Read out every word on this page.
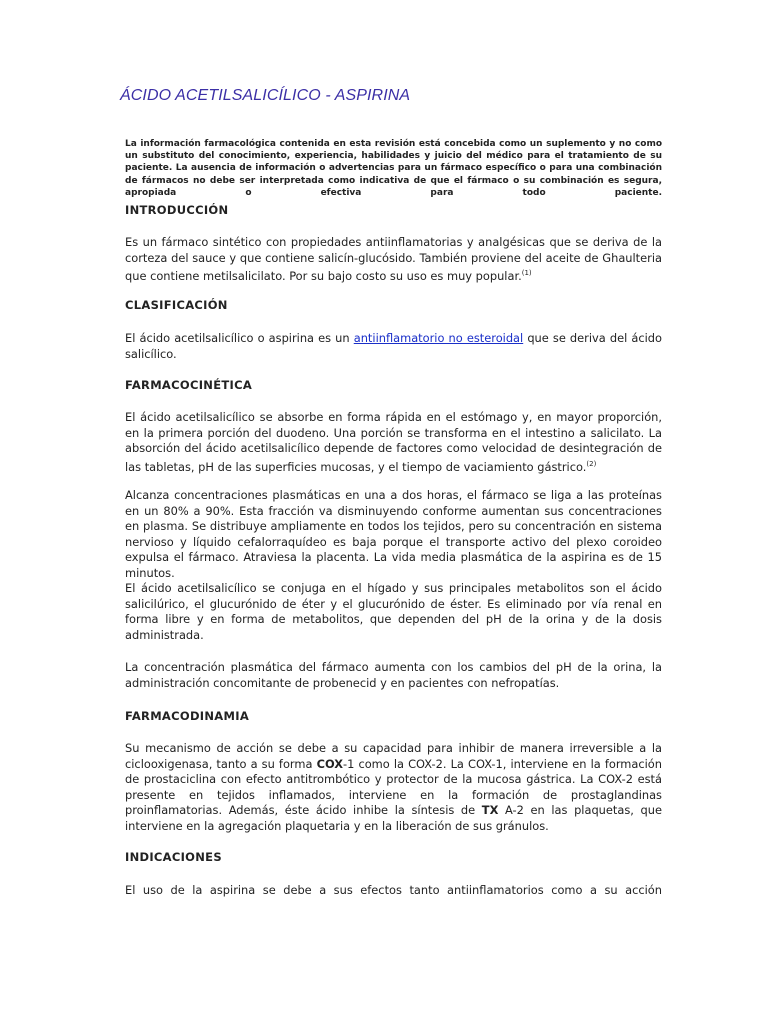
ÁCIDO ACETILSALICÍLICO - ASPIRINA

La información farmacológica contenida en esta revisión está concebida como un suplemento y no como un substituto del conocimiento, experiencia, habilidades y juicio del médico para el tratamiento de su paciente. La ausencia de información o advertencias para un fármaco específico o para una combinación de fármacos no debe ser interpretada como indicativa de que el fármaco o su combinación es segura, apropiada o efectiva para todo paciente.

INTRODUCCIÓN

Es un fármaco sintético con propiedades antiinflamatorias y analgésicas que se deriva de la corteza del sauce y que contiene salicín-glucósido. También proviene del aceite de Ghaulteria que contiene metilsalicilato. Por su bajo costo su uso es muy popular.$^{(1)}$

CLASIFICACIÓN

El ácido acetilsalicílico o aspirina es un antiinflamatorio no esteroidal que se deriva del ácido salicílico.

FARMACOCINÉTICA

El ácido acetilsalicílico se absorbe en forma rápida en el estómago y, en mayor proporción, en la primera porción del duodeno. Una porción se transforma en el intestino a salicilato. La absorción del ácido acetilsalicílico depende de factores como velocidad de desintegración de las tabletas, pH de las superficies mucosas, y el tiempo de vaciamiento gástrico.$^{(2)}$

Alcanza concentraciones plasmáticas en una a dos horas, el fármaco se liga a las proteínas en un 80% a 90%. Esta fracción va disminuyendo conforme aumentan sus concentraciones en plasma. Se distribuye ampliamente en todos los tejidos, pero su concentración en sistema nervioso y líquido cefalorraquídeo es baja porque el transporte activo del plexo coroideo expulsa el fármaco. Atraviesa la placenta. La vida media plasmática de la aspirina es de 15 minutos.

El ácido acetilsalicílico se conjuga en el hígado y sus principales metabolitos son el ácido salicilúrico, el glucurónido de éter y el glucurónido de éster. Es eliminado por vía renal en forma libre y en forma de metabolitos, que dependen del pH de la orina y de la dosis administrada.

La concentración plasmática del fármaco aumenta con los cambios del pH de la orina, la administración concomitante de probenecid y en pacientes con nefropatías.

FARMACODINAMIA

Su mecanismo de acción se debe a su capacidad para inhibir de manera irreversible a la ciclooxigenasa, tanto a su forma COX-1 como la COX-2. La COX-1, interviene en la formación de prostaciclina con efecto antitrombótico y protector de la mucosa gástrica. La COX-2 está presente en tejidos inflamados, interviene en la formación de prostaglandinas proinflamatorias. Además, éste ácido inhibe la síntesis de TX A-2 en las plaquetas, que interviene en la agregación plaquetaria y en la liberación de sus gránulos.

INDICACIONES

El uso de la aspirina se debe a sus efectos tanto antiinflamatorios como a su acción
